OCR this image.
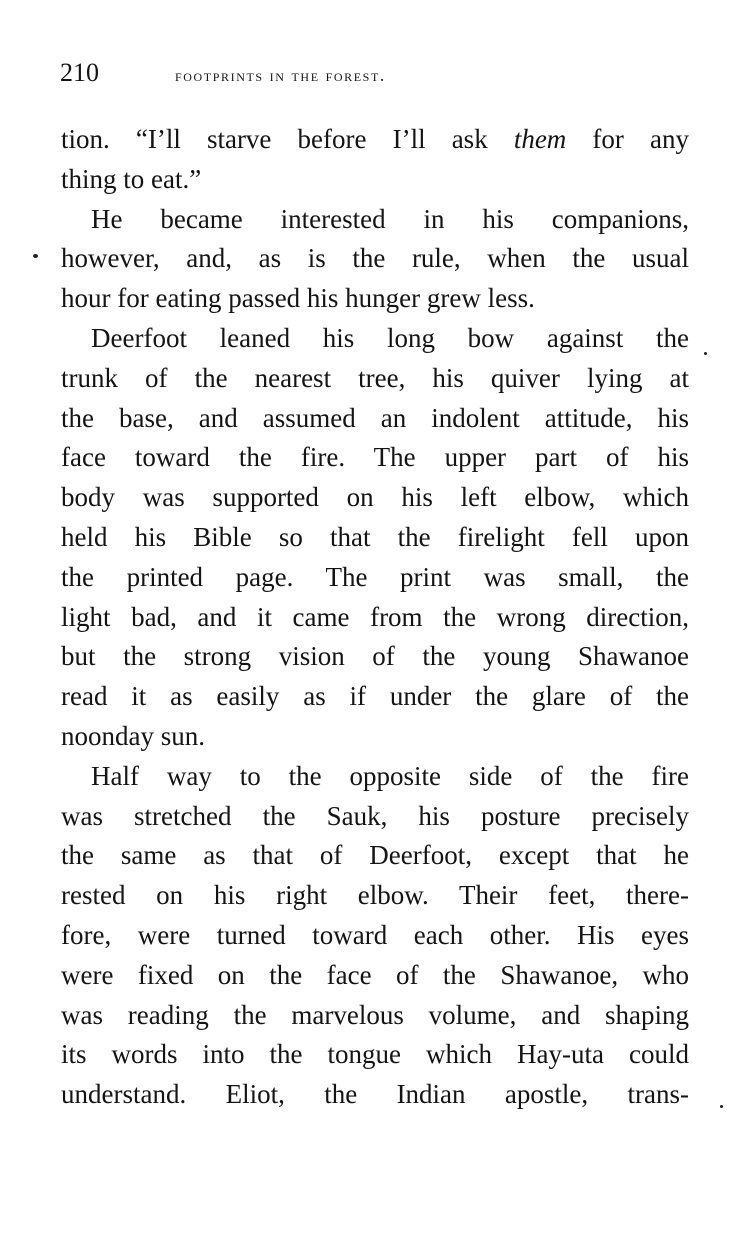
210	footprints in the forest.
tion. “I’ll starve before I’ll ask them for any
thing to eat.”
He became interested in his companions,
however, and, as is the rule, when the usual
hour for eating passed his hunger grew less.
Deerfoot leaned his long bow against the
trunk of the nearest tree, his quiver lying at
the base, and assumed an indolent attitude, his
face toward the fire. The upper part of his
body was supported on his left elbow, which
held his Bible so that the firelight fell upon
the printed page. The print was small, the
light bad, and it came from the wrong direction,
but the strong vision of the young Shawanoe
read it as easily as if under the glare of the
noonday sun.
Half way to the opposite side of the fire
was stretched the Sauk, his posture precisely
the same as that of Deerfoot, except that he
rested on his right elbow. Their feet, there-
fore, were turned toward each other. His eyes
were fixed on the face of the Shawanoe, who
was reading the marvelous volume, and shaping
its words into the tongue which Hay-uta could
understand. Eliot, the Indian apostle, trans-
